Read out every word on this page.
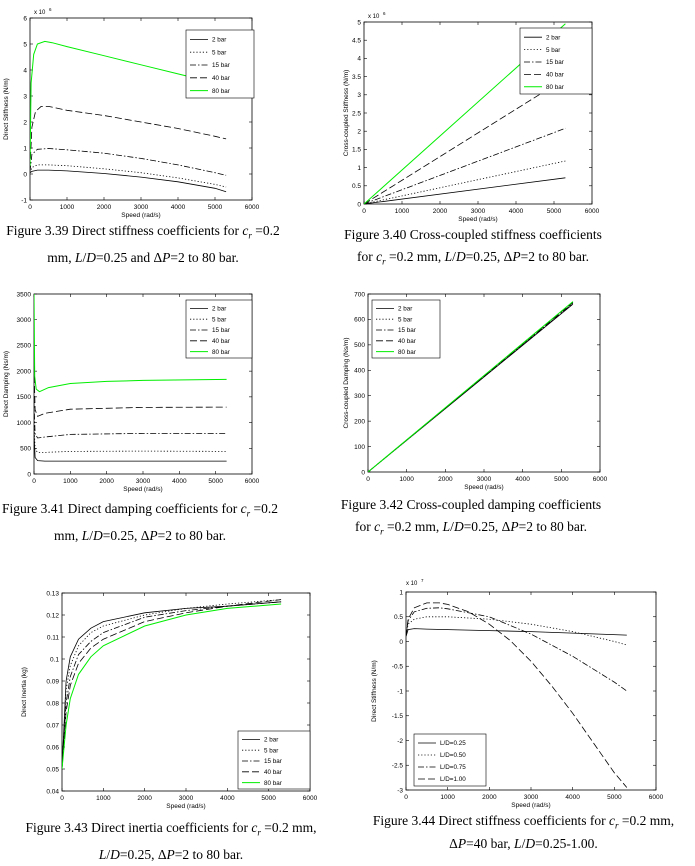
0	1000	2000	3000	4000	5000	6000
-1
0
1
2
3
4
5
6
Speed (rad/s)
Direct Stiffness (N/m)
x 10
6
2 bar
5 bar
15 bar
40 bar
80 bar
Figure 3.39 Direct stiffness coefficients for $c_r =0.2$
mm, L/D=0.25 and ΔP=2 to 80 bar.
0	1000	2000	3000	4000	5000	6000
0
0.5
1
1.5
2
2.5
3
3.5
4
4.5
5
Speed (rad/s)
Cross-coupled Stiffness (N/m)
x 10
6
2 bar
5 bar
15 bar
40 bar
80 bar
Figure 3.40 Cross-coupled stiffness coefficients
for $c_r =0.2$ mm, L/D=0.25, ΔP=2 to 80 bar.
0	1000	2000	3000	4000	5000	6000
0
500
1000
1500
2000
2500
3000
3500
Speed (rad/s)
Direct Damping (Ns/m)
2 bar
5 bar
15 bar
40 bar
80 bar
Figure 3.41 Direct damping coefficients for $c_r =0.2$
mm, L/D=0.25, ΔP=2 to 80 bar.
0	1000	2000	3000	4000	5000	6000
0
100
200
300
400
500
600
700
Speed (rad/s)
Cross-coupled Damping (Ns/m)
2 bar
5 bar
15 bar
40 bar
80 bar
Figure 3.42 Cross-coupled damping coefficients
for $c_r =0.2$ mm, L/D=0.25, ΔP=2 to 80 bar.
0	1000	2000	3000	4000	5000	6000
0.04
0.05
0.06
0.07
0.08
0.09
0.1
0.11
0.12
0.13
Speed (rad/s)
Direct Inertia (kg)
2 bar
5 bar
15 bar
40 bar
80 bar
Figure 3.43 Direct inertia coefficients for $c_r =0.2$ mm,
L/D=0.25, ΔP=2 to 80 bar.
0	1000	2000	3000	4000	5000	6000
-3
-2.5
-2
-1.5
-1
-0.5
0
0.5
1
Speed (rad/s)
Direct Stiffness (N/m)
x 10
7
L/D=0.25
L/D=0.50
L/D=0.75
L/D=1.00
Figure 3.44 Direct stiffness coefficients for $c_r =0.2$ mm,
ΔP=40 bar, L/D=0.25-1.00.
